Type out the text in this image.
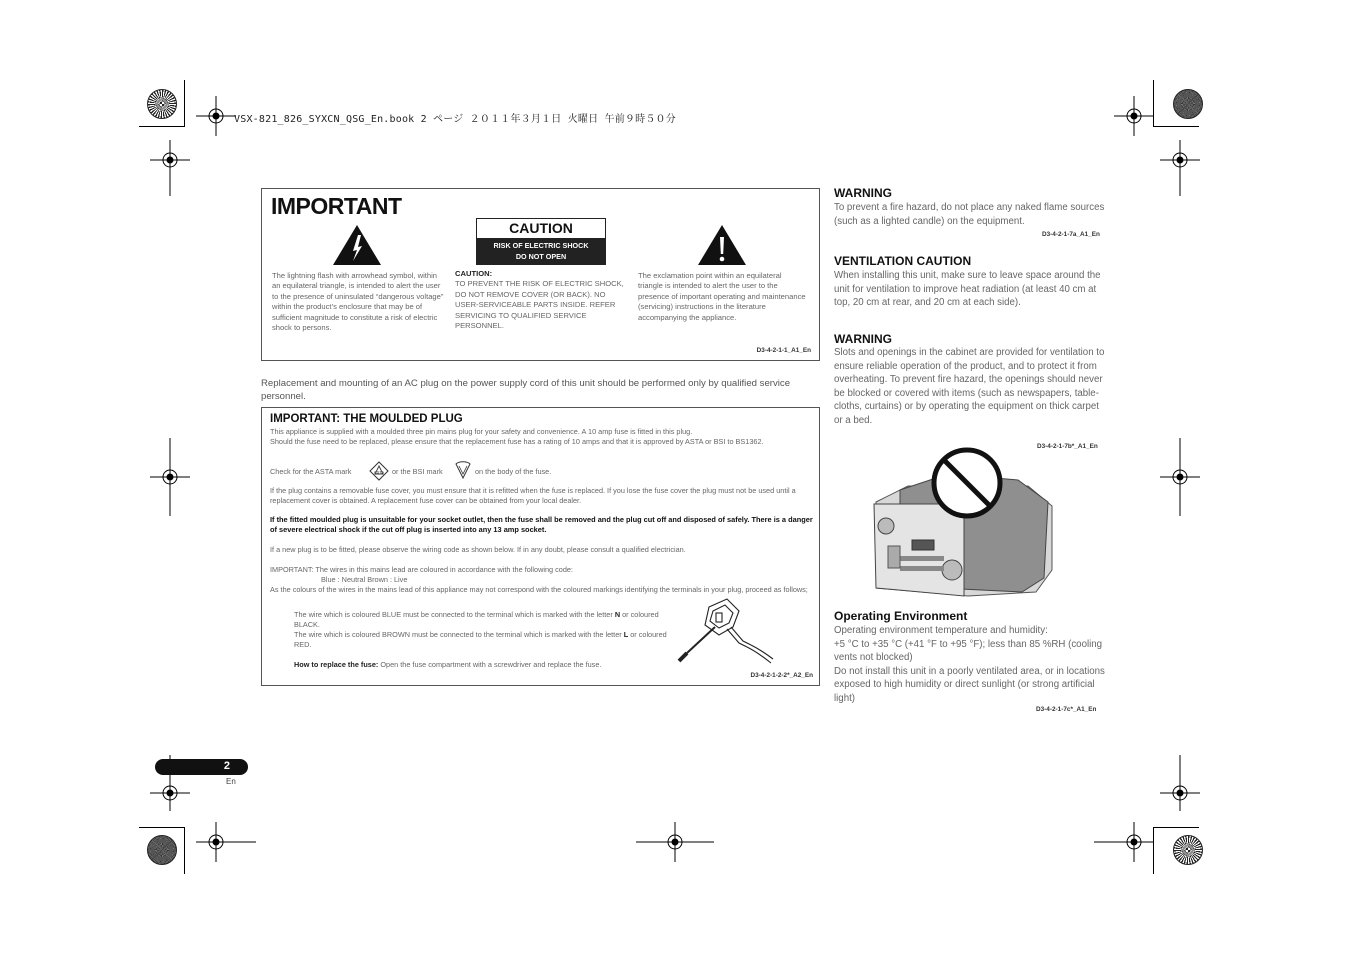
VSX-821_826_SYXCN_QSG_En.book 2 ページ ２０１１年３月１日 火曜日 午前９時５０分
IMPORTANT
The lightning flash with arrowhead symbol, within an equilateral triangle, is intended to alert the user to the presence of uninsulated “dangerous voltage” within the product’s enclosure that may be of sufficient magnitude to constitute a risk of electric shock to persons.
CAUTION
RISK OF ELECTRIC SHOCK
DO NOT OPEN
CAUTION:
TO PREVENT THE RISK OF ELECTRIC SHOCK, DO NOT REMOVE COVER (OR BACK). NO USER-SERVICEABLE PARTS INSIDE. REFER SERVICING TO QUALIFIED SERVICE PERSONNEL.
The exclamation point within an equilateral triangle is intended to alert the user to the presence of important operating and maintenance (servicing) instructions in the literature accompanying the appliance.
D3-4-2-1-1_A1_En
Replacement and mounting of an AC plug on the power supply cord of this unit should be performed only by qualified service personnel.
IMPORTANT: THE MOULDED PLUG
This appliance is supplied with a moulded three pin mains plug for your safety and convenience. A 10 amp fuse is fitted in this plug.
Should the fuse need to be replaced, please ensure that the replacement fuse has a rating of 10 amps and that it is approved by ASTA or BSI to BS1362.
Check for the ASTA mark	ASTA or the BSI mark	on the body of the fuse.
If the plug contains a removable fuse cover, you must ensure that it is refitted when the fuse is replaced. If you lose the fuse cover the plug must not be used until a replacement cover is obtained. A replacement fuse cover can be obtained from your local dealer.
If the fitted moulded plug is unsuitable for your socket outlet, then the fuse shall be removed and the plug cut off and disposed of safely. There is a danger of severe electrical shock if the cut off plug is inserted into any 13 amp socket.
If a new plug is to be fitted, please observe the wiring code as shown below. If in any doubt, please consult a qualified electrician.
IMPORTANT: The wires in this mains lead are coloured in accordance with the following code:
Blue : Neutral Brown : Live
As the colours of the wires in the mains lead of this appliance may not correspond with the coloured markings identifying the terminals in your plug, proceed as follows;
The wire which is coloured BLUE must be connected to the terminal which is marked with the letter N or coloured BLACK.
The wire which is coloured BROWN must be connected to the terminal which is marked with the letter L or coloured RED.
How to replace the fuse: Open the fuse compartment with a screwdriver and replace the fuse.
D3-4-2-1-2-2*_A2_En
WARNING
To prevent a fire hazard, do not place any naked flame sources (such as a lighted candle) on the equipment.
D3-4-2-1-7a_A1_En
VENTILATION CAUTION
When installing this unit, make sure to leave space around the unit for ventilation to improve heat radiation (at least 40 cm at top, 20 cm at rear, and 20 cm at each side).
WARNING
Slots and openings in the cabinet are provided for ventilation to ensure reliable operation of the product, and to protect it from overheating. To prevent fire hazard, the openings should never be blocked or covered with items (such as newspapers, table-cloths, curtains) or by operating the equipment on thick carpet or a bed.
D3-4-2-1-7b*_A1_En
Operating Environment
Operating environment temperature and humidity:
+5 °C to +35 °C (+41 °F to +95 °F); less than 85 %RH (cooling vents not blocked)
Do not install this unit in a poorly ventilated area, or in locations exposed to high humidity or direct sunlight (or strong artificial light)
D3-4-2-1-7c*_A1_En
2
En
